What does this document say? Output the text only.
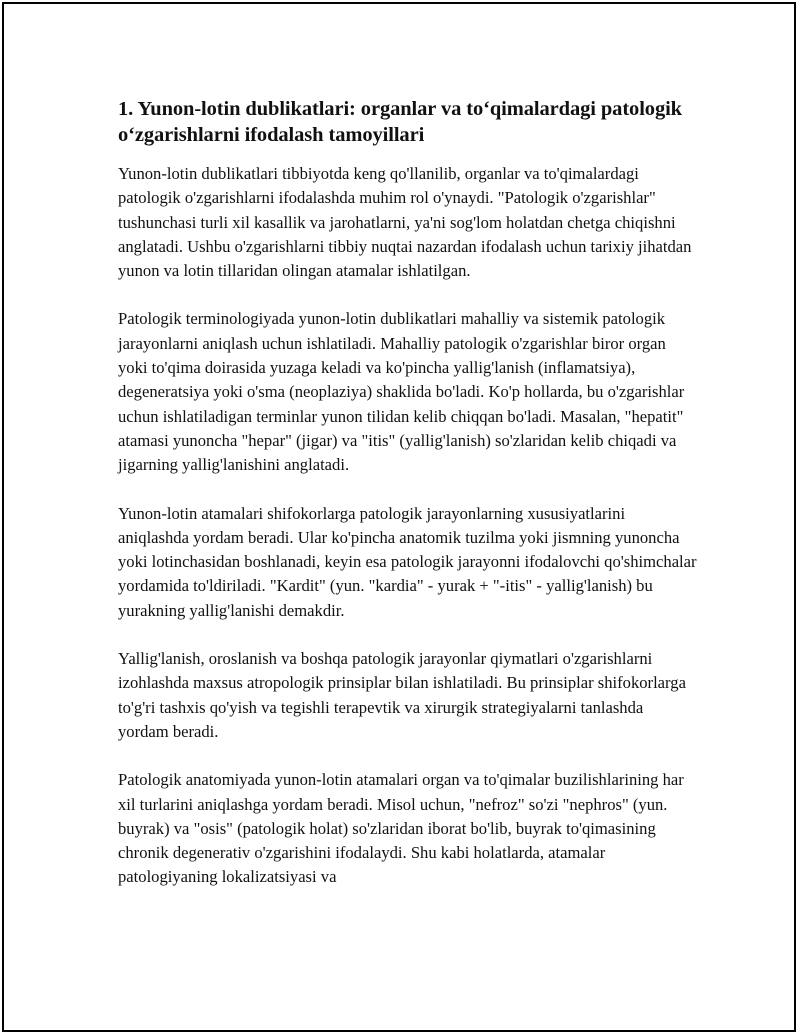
1. Yunon-lotin dublikatlari: organlar va to‘qimalardagi patologik o‘zgarishlarni ifodalash tamoyillari

Yunon-lotin dublikatlari tibbiyotda keng qo'llanilib, organlar va to'qimalardagi patologik o'zgarishlarni ifodalashda muhim rol o'ynaydi. "Patologik o'zgarishlar" tushunchasi turli xil kasallik va jarohatlarni, ya'ni sog'lom holatdan chetga chiqishni anglatadi. Ushbu o'zgarishlarni tibbiy nuqtai nazardan ifodalash uchun tarixiy jihatdan yunon va lotin tillaridan olingan atamalar ishlatilgan.

Patologik terminologiyada yunon-lotin dublikatlari mahalliy va sistemik patologik jarayonlarni aniqlash uchun ishlatiladi. Mahalliy patologik o'zgarishlar biror organ yoki to'qima doirasida yuzaga keladi va ko'pincha yallig'lanish (inflamatsiya), degeneratsiya yoki o'sma (neoplaziya) shaklida bo'ladi. Ko'p hollarda, bu o'zgarishlar uchun ishlatiladigan terminlar yunon tilidan kelib chiqqan bo'ladi. Masalan, "hepatit" atamasi yunoncha "hepar" (jigar) va "itis" (yallig'lanish) so'zlaridan kelib chiqadi va jigarning yallig'lanishini anglatadi.

Yunon-lotin atamalari shifokorlarga patologik jarayonlarning xususiyatlarini aniqlashda yordam beradi. Ular ko'pincha anatomik tuzilma yoki jismning yunoncha yoki lotinchasidan boshlanadi, keyin esa patologik jarayonni ifodalovchi qo'shimchalar yordamida to'ldiriladi. "Kardit" (yun. "kardia" - yurak + "-itis" - yallig'lanish) bu yurakning yallig'lanishi demakdir.

Yallig'lanish, oroslanish va boshqa patologik jarayonlar qiymatlari o'zgarishlarni izohlashda maxsus atropologik prinsiplar bilan ishlatiladi. Bu prinsiplar shifokorlarga to'g'ri tashxis qo'yish va tegishli terapevtik va xirurgik strategiyalarni tanlashda yordam beradi.

Patologik anatomiyada yunon-lotin atamalari organ va to'qimalar buzilishlarining har xil turlarini aniqlashga yordam beradi. Misol uchun, "nefroz" so'zi "nephros" (yun. buyrak) va "osis" (patologik holat) so'zlaridan iborat bo'lib, buyrak to'qimasining chronik degenerativ o'zgarishini ifodalaydi. Shu kabi holatlarda, atamalar patologiyaning lokalizatsiyasi va
